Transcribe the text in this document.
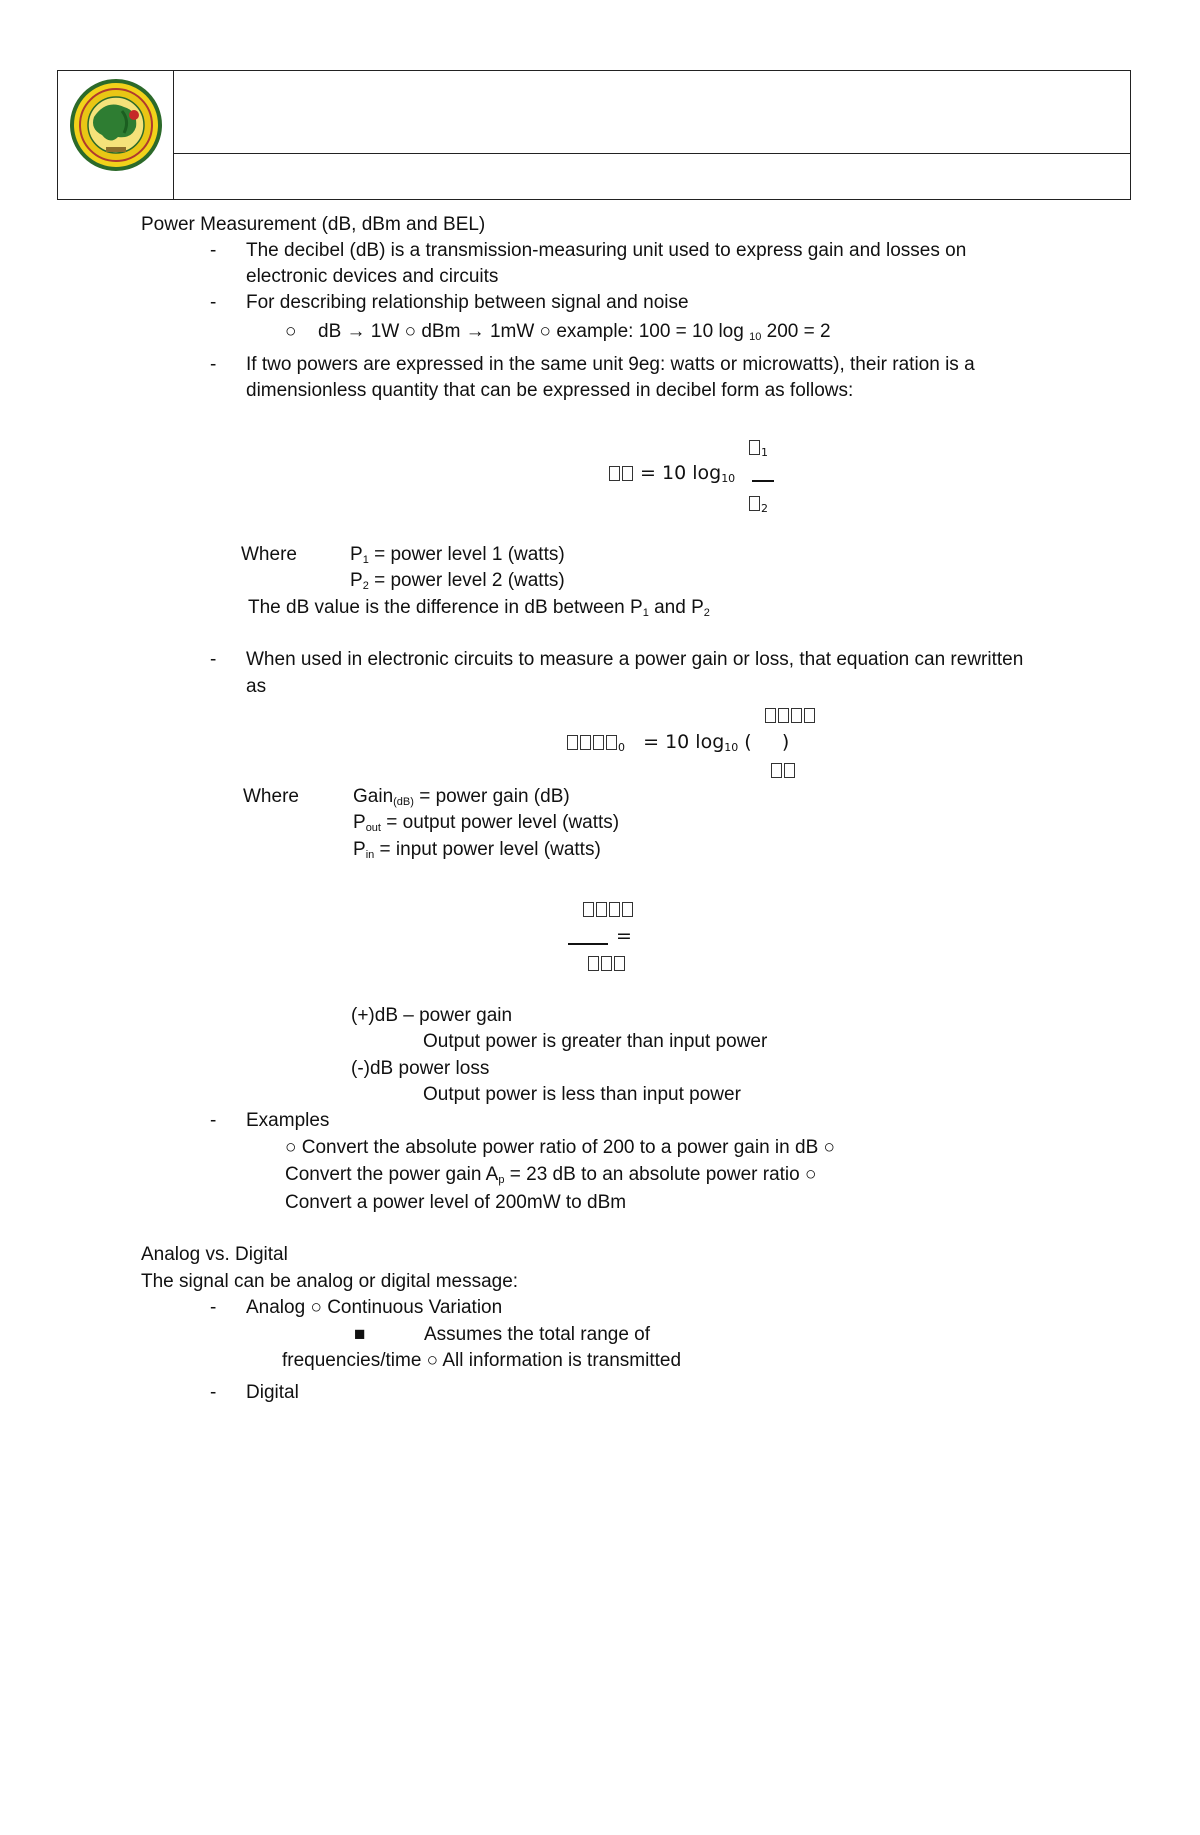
Power Measurement (dB, dBm and BEL)
- The decibel (dB) is a transmission-measuring unit used to express gain and losses on
electronic devices and circuits
- For describing relationship between signal and noise
○ dB → 1W ○ dBm → 1mW ○ example: 100 = 10 log $_{10}$ 200 = 2
- If two powers are expressed in the same unit 9eg: watts or microwatts), their ration is a
dimensionless quantity that can be expressed in decibel form as follows:
$_1$
= 10 $\log_{10}$
$_2$
Where	$P_1$ = power level 1 (watts)
$P_2$ = power level 2 (watts)
The dB value is the difference in dB between $P_1$ and $P_2$
- When used in electronic circuits to measure a power gain or loss, that equation can rewritten
as
$_0$ = 10 $\log_{10}$ (     )
Where	Gain$_{(dB)}$ = power gain (dB)
$P_{out}$ = output power level (watts)
$P_{in}$ = input power level (watts)
=
(+)dB – power gain
Output power is greater than input power
(-)dB power loss
Output power is less than input power
- Examples
○ Convert the absolute power ratio of 200 to a power gain in dB ○
Convert the power gain $A_p = 23$ dB to an absolute power ratio ○
Convert a power level of 200mW to dBm
Analog vs. Digital
The signal can be analog or digital message:
- Analog ○ Continuous Variation
■	Assumes the total range of
frequencies/time ○ All information is transmitted
- Digital
